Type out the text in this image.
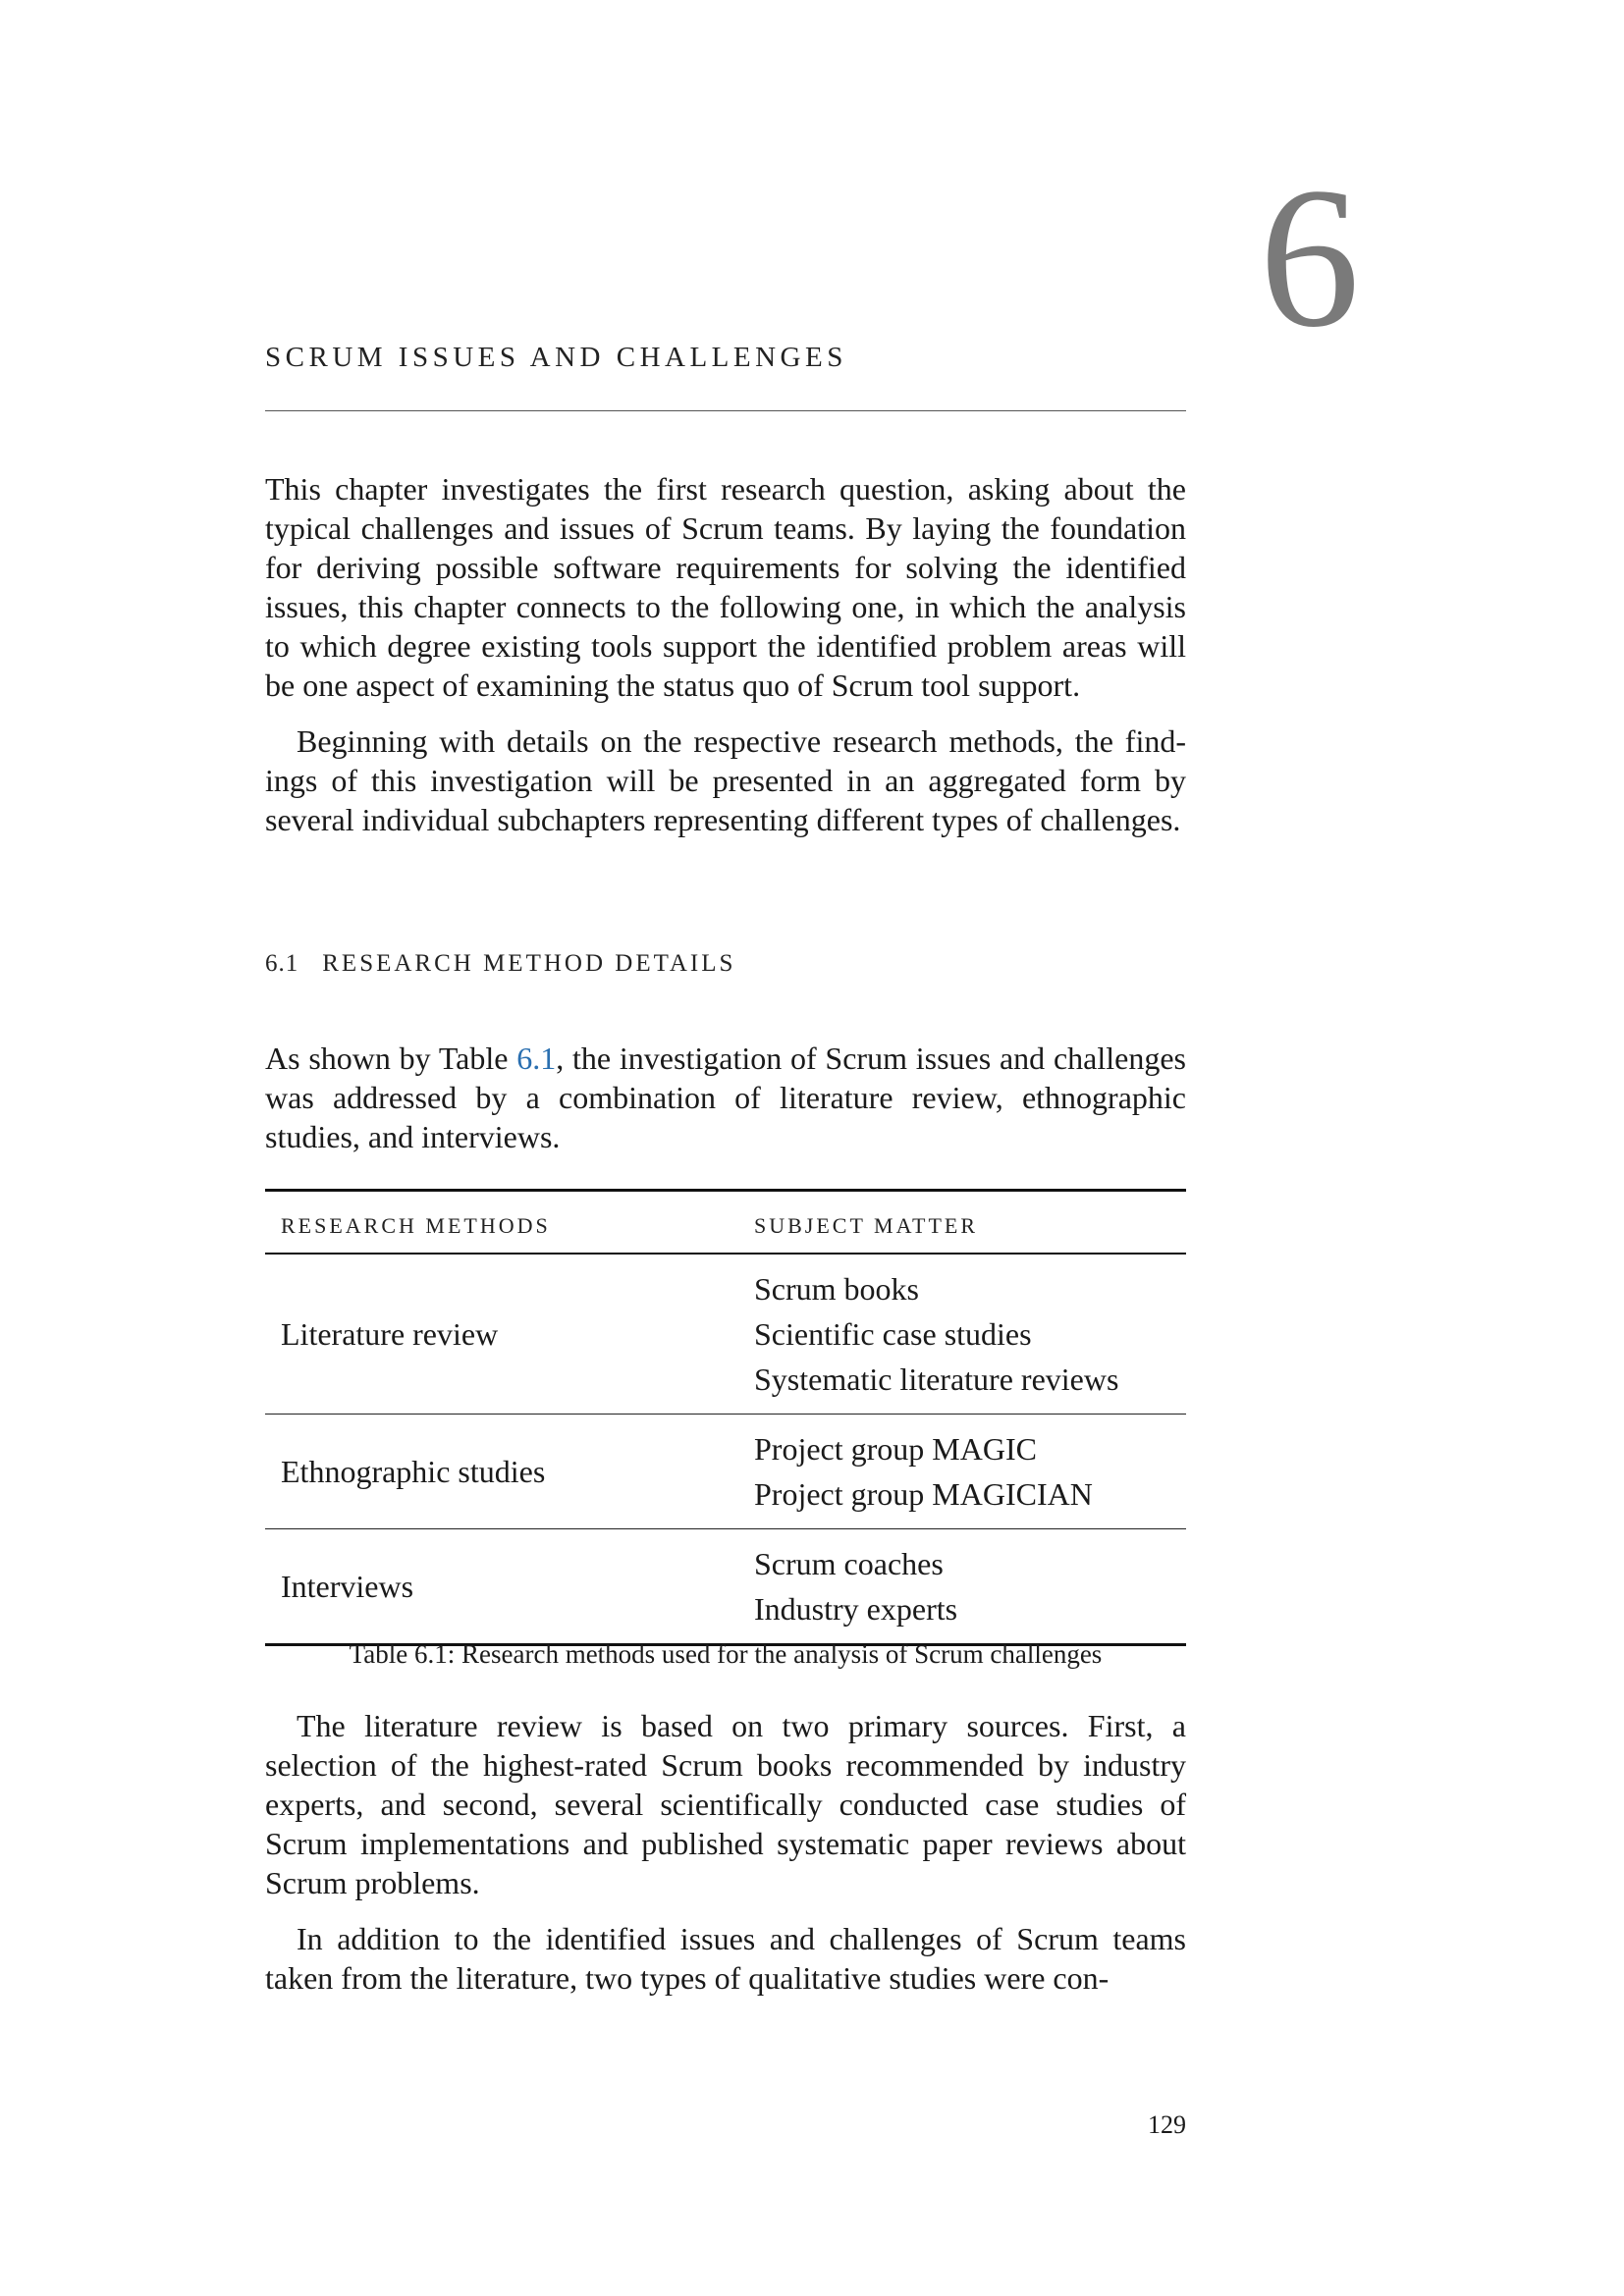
6
SCRUM ISSUES AND CHALLENGES

This chapter investigates the first research question, asking about the typical challenges and issues of Scrum teams. By laying the foundation for deriving possible software requirements for solving the identified issues, this chapter connects to the following one, in which the analysis to which degree existing tools support the identified problem areas will be one aspect of examining the status quo of Scrum tool support.

Beginning with details on the respective research methods, the findings of this investigation will be presented in an aggregated form by several individual subchapters representing different types of challenges.

6.1 RESEARCH METHOD DETAILS

As shown by Table 6.1, the investigation of Scrum issues and challenges was addressed by a combination of literature review, ethnographic studies, and interviews.

RESEARCH METHODS	SUBJECT MATTER
Literature review	Scrum books
Scientific case studies
Systematic literature reviews

Ethnographic studies	Project group MAGIC
Project group MAGICIAN

Interviews	Scrum coaches
Industry experts

Table 6.1: Research methods used for the analysis of Scrum challenges

The literature review is based on two primary sources. First, a selection of the highest-rated Scrum books recommended by industry experts, and second, several scientifically conducted case studies of Scrum implementations and published systematic paper reviews about Scrum problems.

In addition to the identified issues and challenges of Scrum teams taken from the literature, two types of qualitative studies were con-

129
